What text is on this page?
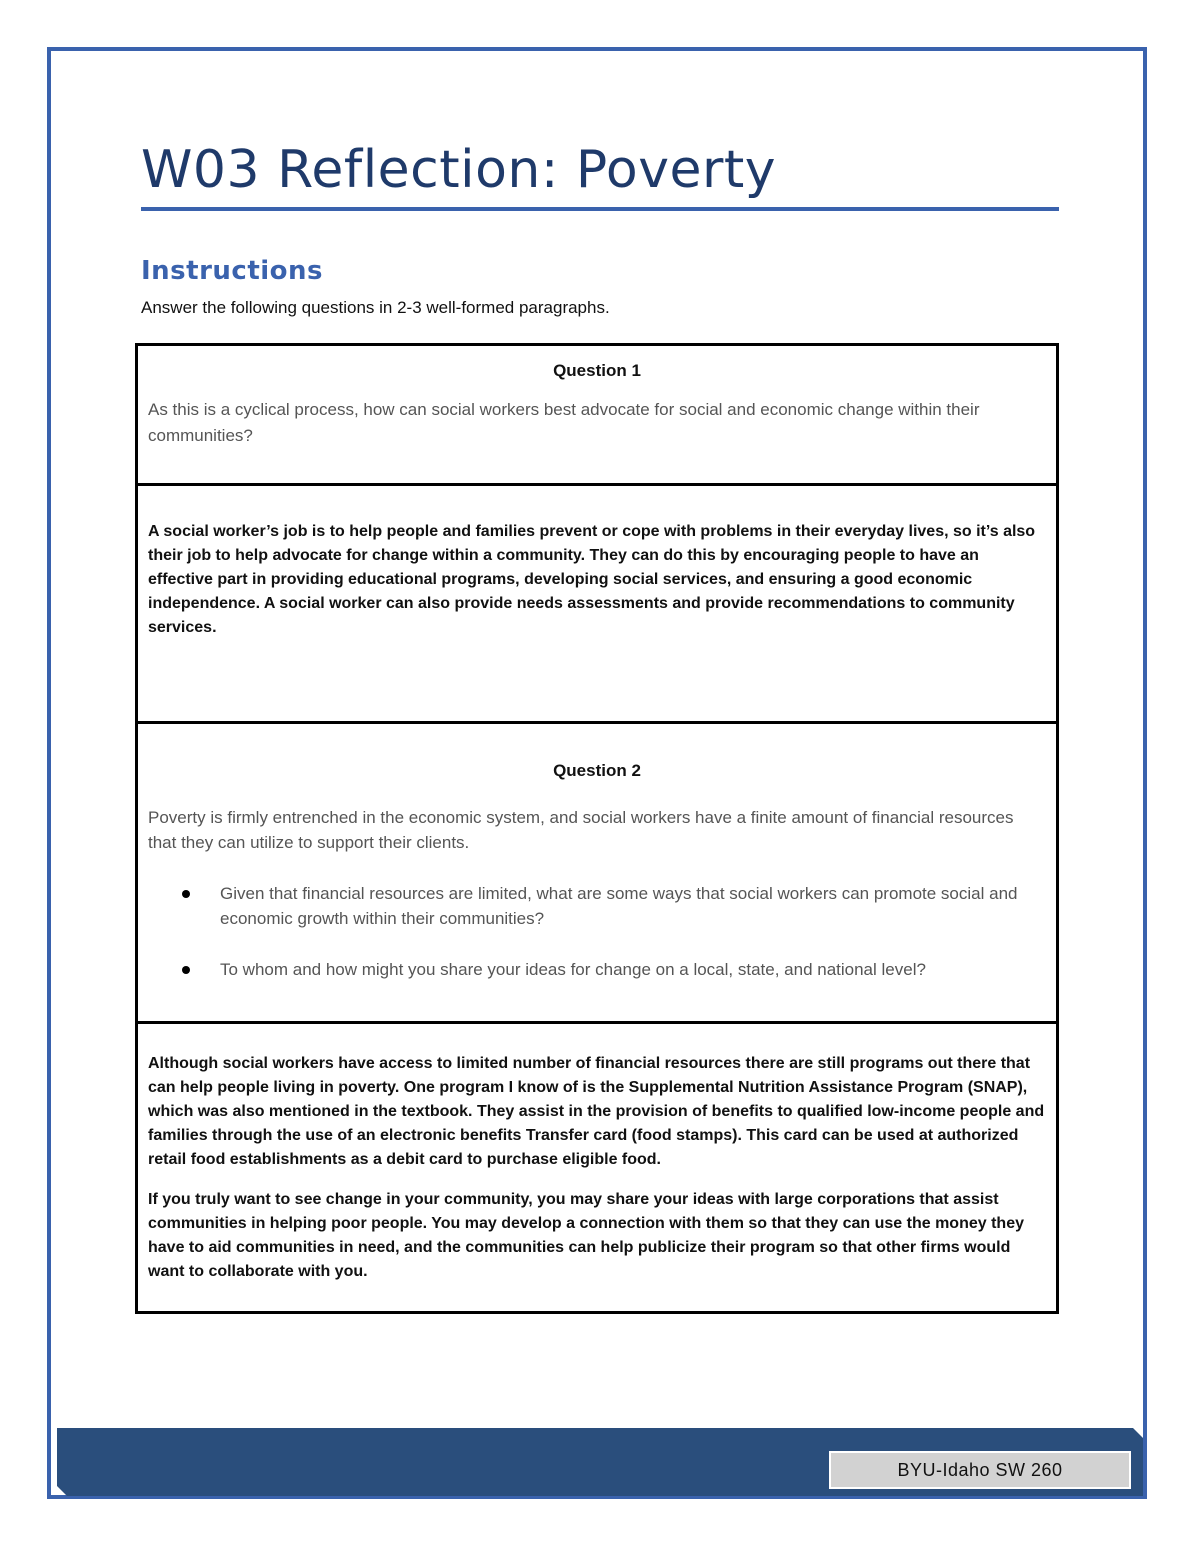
W03 Reflection: Poverty
Instructions
Answer the following questions in 2-3 well-formed paragraphs.
Question 1

As this is a cyclical process, how can social workers best advocate for social and economic change within their communities?

A social worker’s job is to help people and families prevent or cope with problems in their everyday lives, so it’s also their job to help advocate for change within a community. They can do this by encouraging people to have an effective part in providing educational programs, developing social services, and ensuring a good economic independence. A social worker can also provide needs assessments and provide recommendations to community services.

Question 2

Poverty is firmly entrenched in the economic system, and social workers have a finite amount of financial resources that they can utilize to support their clients.

Given that financial resources are limited, what are some ways that social workers can promote social and economic growth within their communities?
To whom and how might you share your ideas for change on a local, state, and national level?

Although social workers have access to limited number of financial resources there are still programs out there that can help people living in poverty. One program I know of is the Supplemental Nutrition Assistance Program (SNAP), which was also mentioned in the textbook. They assist in the provision of benefits to qualified low-income people and families through the use of an electronic benefits Transfer card (food stamps). This card can be used at authorized retail food establishments as a debit card to purchase eligible food.

If you truly want to see change in your community, you may share your ideas with large corporations that assist communities in helping poor people. You may develop a connection with them so that they can use the money they have to aid communities in need, and the communities can help publicize their program so that other firms would want to collaborate with you.

BYU-Idaho SW 260
